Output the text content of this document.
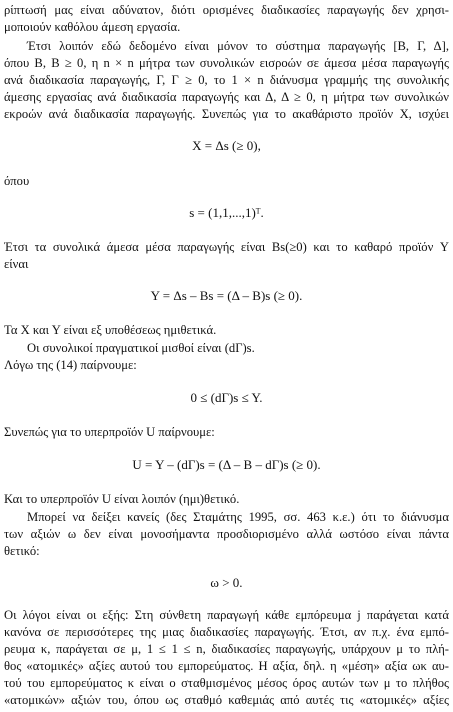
ρίπτωσή μας είναι αδύνατον, διότι ορισμένες διαδικασίες παραγωγής δεν χρησι-
μοποιούν καθόλου άμεση εργασία.
Έτσι λοιπόν εδώ δεδομένο είναι μόνον το σύστημα παραγωγής [Β, Γ, Δ],
όπου Β, Β ≥ 0, η n × n μήτρα των συνολικών εισροών σε άμεσα μέσα παραγωγής
ανά διαδικασία παραγωγής, Γ, Γ ≥ 0, το 1 × n διάνυσμα γραμμής της συνολικής
άμεσης εργασίας ανά διαδικασία παραγωγής και Δ, Δ ≥ 0, η μήτρα των συνολικών
εκροών ανά διαδικασία παραγωγής. Συνεπώς για το ακαθάριστο προϊόν Χ, ισχύει
X = Δs (≥ 0),
όπου
s = (1,1,...,1)ᵀ.
Έτσι τα συνολικά άμεσα μέσα παραγωγής είναι Bs(≥0) και το καθαρό προϊόν Y
είναι
Y = Δs – Bs = (Δ – B)s (≥ 0).
Τα Χ και Υ είναι εξ υποθέσεως ημιθετικά.
Οι συνολικοί πραγματικοί μισθοί είναι (dΓ)s.
Λόγω της (14) παίρνουμε:
0 ≤ (dΓ)s ≤ Y.
Συνεπώς για το υπερπροϊόν U παίρνουμε:
U = Y – (dΓ)s = (Δ – B – dΓ)s (≥ 0).
Και το υπερπροϊόν U είναι λοιπόν (ημι)θετικό.
Μπορεί να δείξει κανείς (δες Σταμάτης 1995, σσ. 463 κ.ε.) ότι το διάνυσμα
των αξιών ω δεν είναι μονοσήμαντα προσδιορισμένο αλλά ωστόσο είναι πάντα
θετικό:
ω > 0.
Οι λόγοι είναι οι εξής: Στη σύνθετη παραγωγή κάθε εμπόρευμα j παράγεται κατά
κανόνα σε περισσότερες της μιας διαδικασίες παραγωγής. Έτσι, αν π.χ. ένα εμπό-
ρευμα κ, παράγεται σε μ, 1 ≤ 1 ≤ n, διαδικασίες παραγωγής, υπάρχουν μ το πλή-
θος «ατομικές» αξίες αυτού του εμπορεύματος. Η αξία, δηλ. η «μέση» αξία ωκ αυ-
τού του εμπορεύματος κ είναι ο σταθμισμένος μέσος όρος αυτών των μ το πλήθος
«ατομικών» αξιών του, όπου ως σταθμό καθεμιάς από αυτές τις «ατομικές» αξίες
